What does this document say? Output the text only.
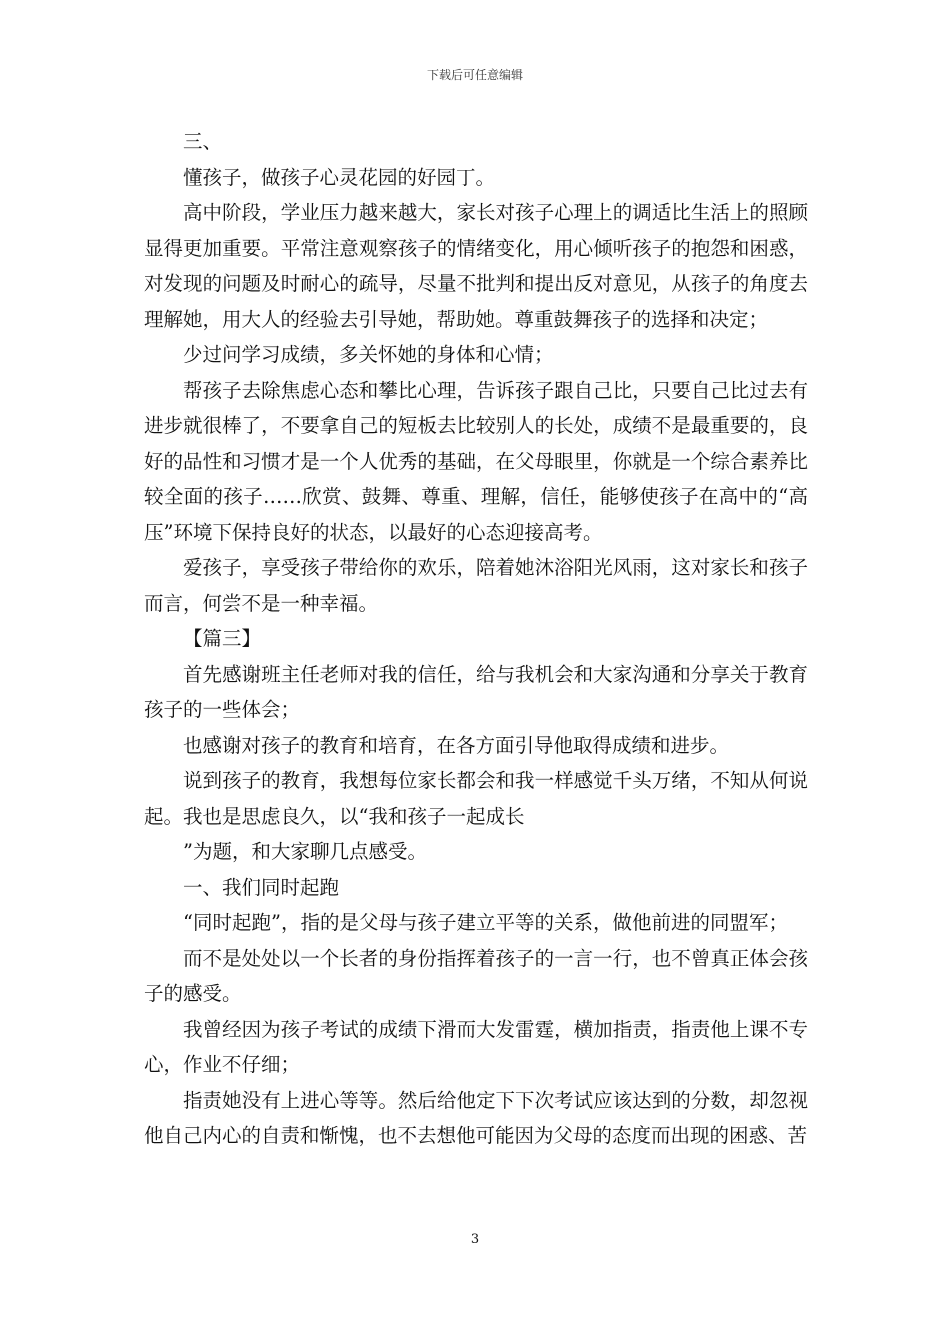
下载后可任意编辑

三、

懂孩子，做孩子心灵花园的好园丁。

高中阶段，学业压力越来越大，家长对孩子心理上的调适比生活上的照顾显得更加重要。平常注意观察孩子的情绪变化，用心倾听孩子的抱怨和困惑，对发现的问题及时耐心的疏导，尽量不批判和提出反对意见，从孩子的角度去理解她，用大人的经验去引导她，帮助她。尊重鼓舞孩子的选择和决定；

少过问学习成绩，多关怀她的身体和心情；

帮孩子去除焦虑心态和攀比心理，告诉孩子跟自己比，只要自己比过去有进步就很棒了，不要拿自己的短板去比较别人的长处，成绩不是最重要的，良好的品性和习惯才是一个人优秀的基础，在父母眼里，你就是一个综合素养比较全面的孩子……欣赏、鼓舞、尊重、理解，信任，能够使孩子在高中的“高压”环境下保持良好的状态，以最好的心态迎接高考。

爱孩子，享受孩子带给你的欢乐，陪着她沐浴阳光风雨，这对家长和孩子而言，何尝不是一种幸福。

【篇三】

首先感谢班主任老师对我的信任，给与我机会和大家沟通和分享关于教育孩子的一些体会；

也感谢对孩子的教育和培育，在各方面引导他取得成绩和进步。

说到孩子的教育，我想每位家长都会和我一样感觉千头万绪，不知从何说起。我也是思虑良久，以“我和孩子一起成长

”为题，和大家聊几点感受。

一、我们同时起跑

“同时起跑”，指的是父母与孩子建立平等的关系，做他前进的同盟军；

而不是处处以一个长者的身份指挥着孩子的一言一行，也不曾真正体会孩子的感受。

我曾经因为孩子考试的成绩下滑而大发雷霆，横加指责，指责他上课不专心，作业不仔细；

指责她没有上进心等等。然后给他定下下次考试应该达到的分数，却忽视他自己内心的自责和惭愧，也不去想他可能因为父母的态度而出现的困惑、苦

3
